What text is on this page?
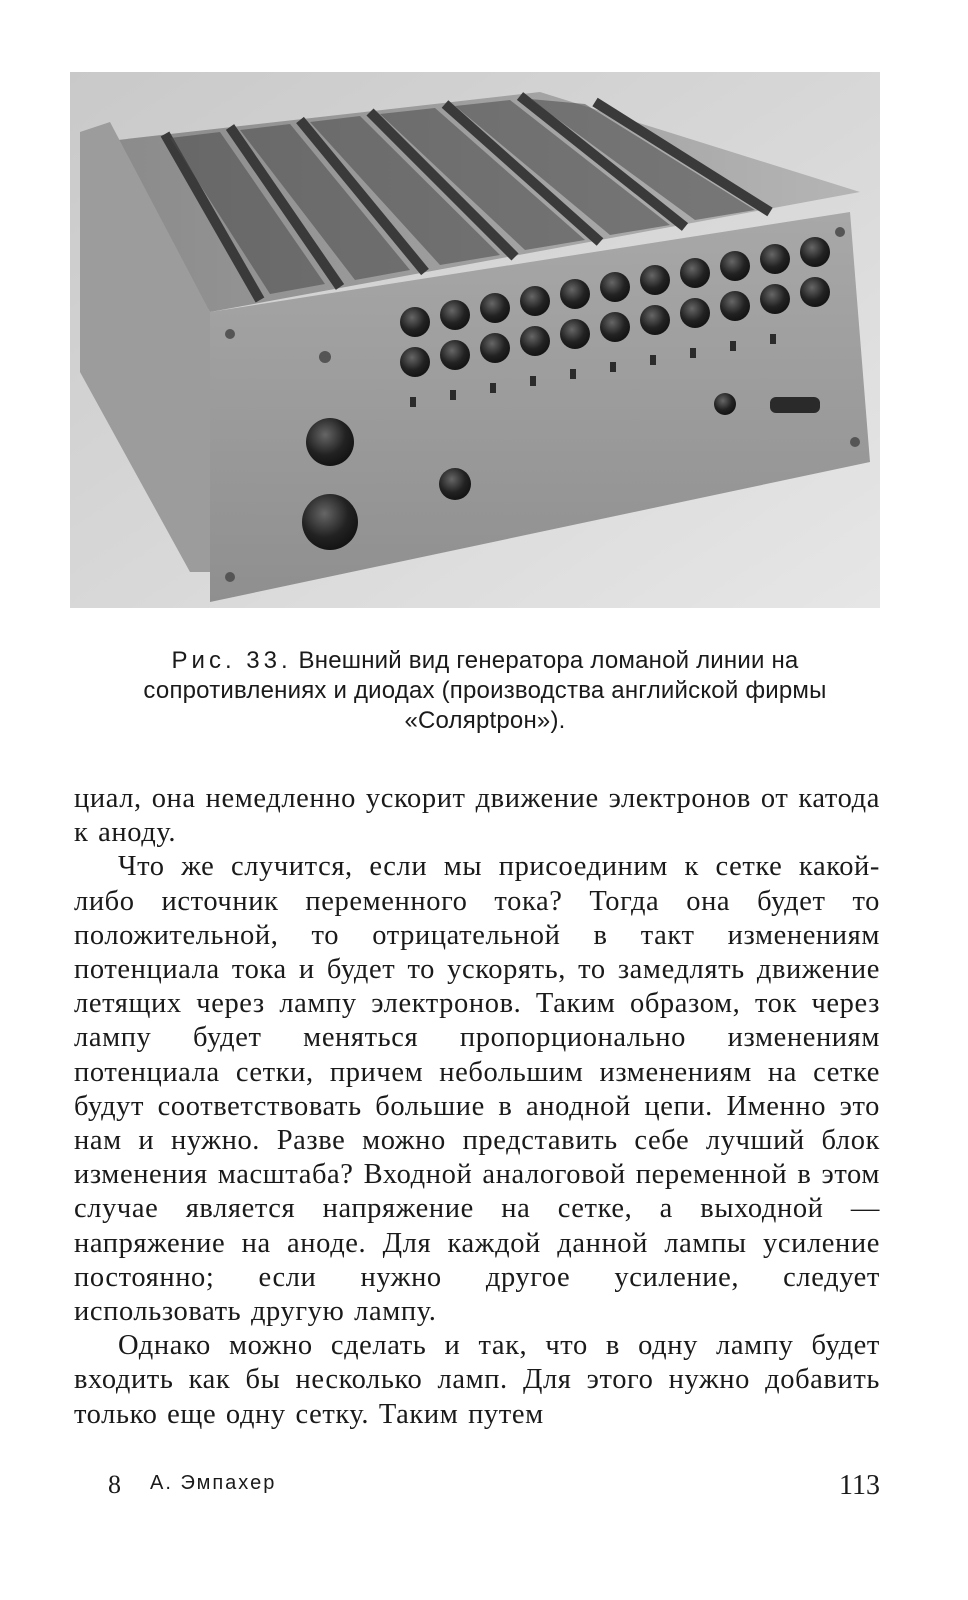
Рис. 33. Внешний вид генератора ломаной линии на сопротивлениях и диодах (производства английской фирмы «Солярtрон»).

циал, она немедленно ускорит движение электронов от катода к аноду.

Что же случится, если мы присоединим к сетке какой-либо источник переменного тока? Тогда она будет то положительной, то отрицательной в такт изменениям потенциала тока и будет то ускорять, то замедлять движение летящих через лампу электронов. Таким образом, ток через лампу будет меняться пропорционально изменениям потенциала сетки, причем небольшим изменениям на сетке будут соответствовать большие в анодной цепи. Именно это нам и нужно. Разве можно представить себе лучший блок изменения масштаба? Входной аналоговой переменной в этом случае является напряжение на сетке, а выходной — напряжение на аноде. Для каждой данной лампы усиление постоянно; если нужно другое усиление, следует использовать другую лампу.

Однако можно сделать и так, что в одну лампу будет входить как бы несколько ламп. Для этого нужно добавить только еще одну сетку. Таким путем

8 А. Эмпахер	113
